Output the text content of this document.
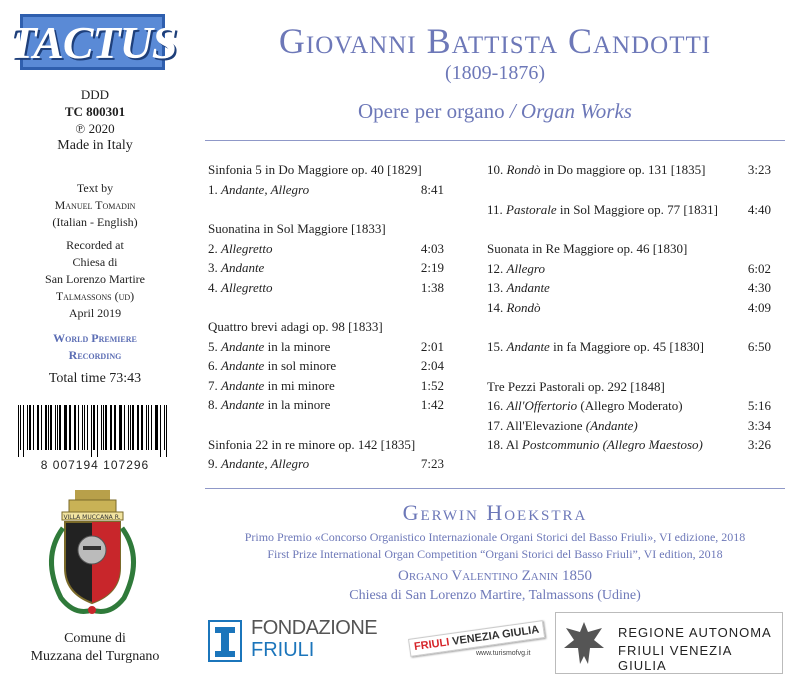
TACTUS
DDD
TC 800301
℗ 2020
Made in Italy
Text by
Manuel Tomadin
(Italian - English)
Recorded at
Chiesa di
San Lorenzo Martire
Talmassons (ud)
April 2019
World Premiere
Recording
Total time 73:43
8 007194 107296
VILLA MUCCANA R.
Comune di
Muzzana del Turgnano
Giovanni Battista Candotti
(1809-1876)
Opere per organo / Organ Works
Sinfonia 5 in Do Maggiore op. 40 [1829]
1. Andante, Allegro	8:41
Suonatina in Sol Maggiore [1833]
2. Allegretto	4:03
3. Andante	2:19
4. Allegretto	1:38
Quattro brevi adagi op. 98 [1833]
5. Andante in la minore	2:01
6. Andante in sol minore	2:04
7. Andante in mi minore	1:52
8. Andante in la minore	1:42
Sinfonia 22 in re minore op. 142 [1835]
9. Andante, Allegro	7:23
10. Rondò in Do maggiore op. 131 [1835]	3:23
11. Pastorale in Sol Maggiore op. 77 [1831] 4:40
Suonata in Re Maggiore op. 46 [1830]
12. Allegro	6:02
13. Andante	4:30
14. Rondò	4:09
15. Andante in fa Maggiore op. 45 [1830]	6:50
Tre Pezzi Pastorali op. 292 [1848]
16. All'Offertorio (Allegro Moderato)	5:16
17. All'Elevazione (Andante)	3:34
18. Al Postcommunio (Allegro Maestoso)	3:26
Gerwin Hoekstra
Primo Premio «Concorso Organistico Internazionale Organi Storici del Basso Friuli», VI edizione, 2018
First Prize International Organ Competition “Organi Storici del Basso Friuli”, VI edition, 2018
Organo Valentino Zanin 1850
Chiesa di San Lorenzo Martire, Talmassons (Udine)
FONDAZIONE
FRIULI	FRIULI VENEZIA GIULIA
www.turismofvg.it
REGIONE AUTONOMA
FRIULI VENEZIA GIULIA
